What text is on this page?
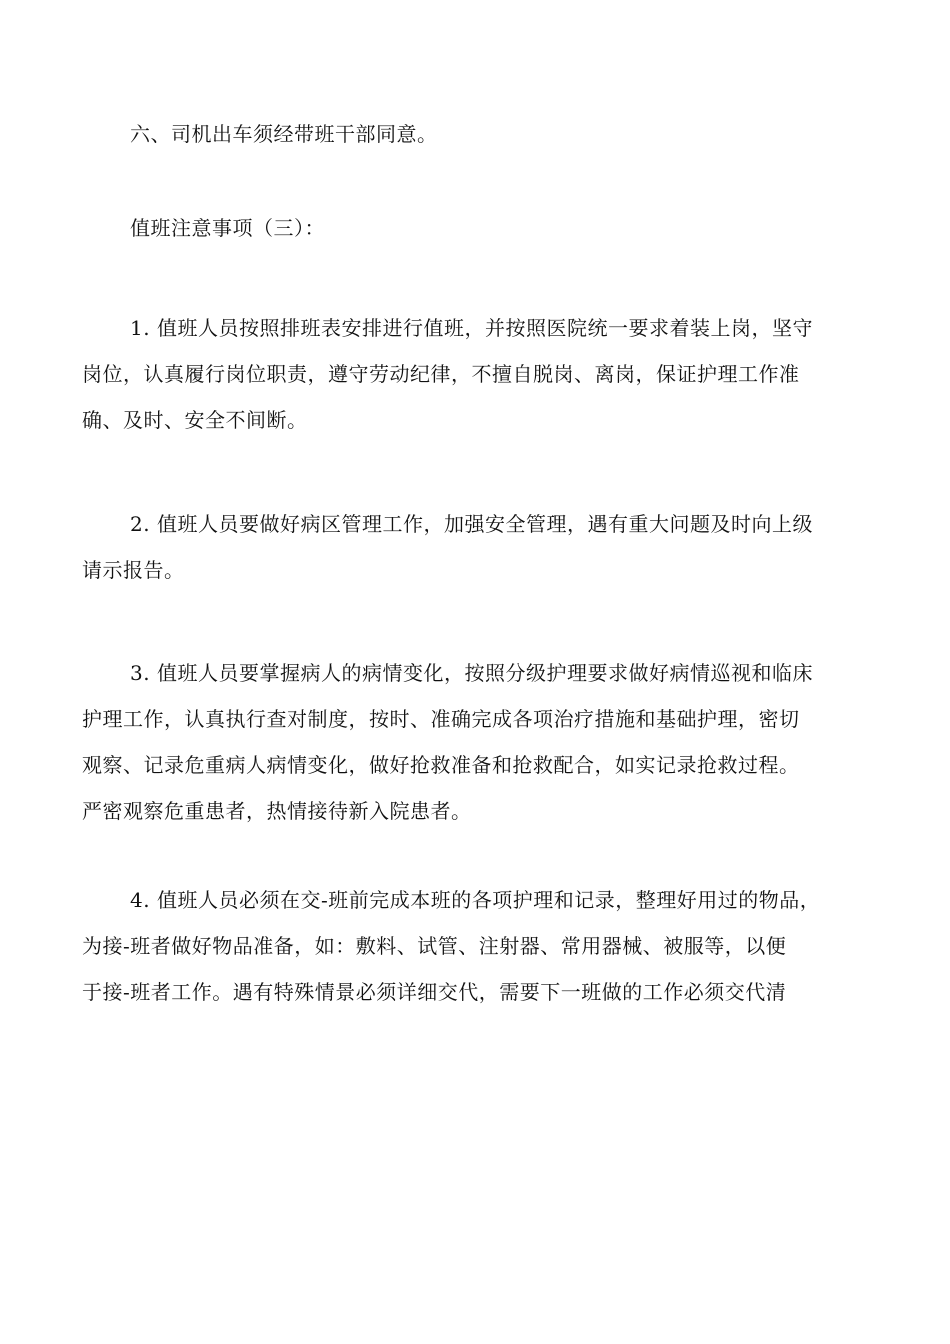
六、司机出车须经带班干部同意。

值班注意事项（三）：

1. 值班人员按照排班表安排进行值班，并按照医院统一要求着装上岗，坚守
岗位，认真履行岗位职责，遵守劳动纪律，不擅自脱岗、离岗，保证护理工作准
确、及时、安全不间断。

2. 值班人员要做好病区管理工作，加强安全管理，遇有重大问题及时向上级
请示报告。

3. 值班人员要掌握病人的病情变化，按照分级护理要求做好病情巡视和临床
护理工作，认真执行查对制度，按时、准确完成各项治疗措施和基础护理，密切
观察、记录危重病人病情变化，做好抢救准备和抢救配合，如实记录抢救过程。
严密观察危重患者，热情接待新入院患者。

4. 值班人员必须在交-班前完成本班的各项护理和记录，整理好用过的物品，
为接-班者做好物品准备，如：敷料、试管、注射器、常用器械、被服等，以便
于接-班者工作。遇有特殊情景必须详细交代，需要下一班做的工作必须交代清
